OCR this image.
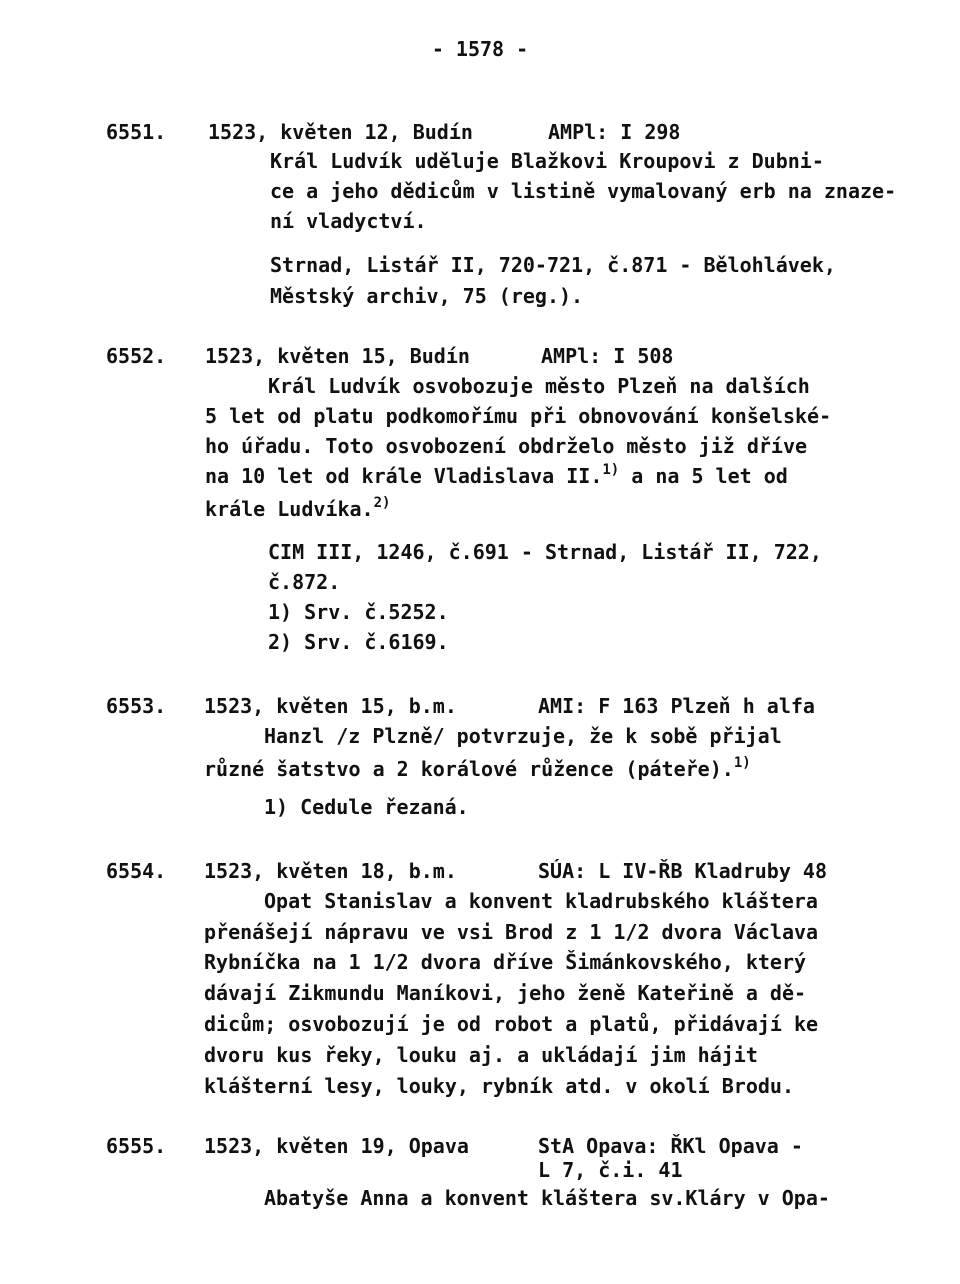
- 1578 -
6551. 1523, květen 12, Budín	AMPl: I 298
Král Ludvík uděluje Blažkovi Kroupovi z Dubni-
ce a jeho dědicům v listině vymalovaný erb na znaze-
ní vladyctví.
Strnad, Listář II, 720-721, č.871 - Bělohlávek,
Městský archiv, 75 (reg.).
6552. 1523, květen 15, Budín	AMPl: I 508
Král Ludvík osvobozuje město Plzeň na dalších
5 let od platu podkomořímu při obnovování konšelské-
ho úřadu. Toto osvobození obdrželo město již dříve
na 10 let od krále Vladislava II.$^{1)}$ a na 5 let od
krále Ludvíka.$^{2)}$
CIM III, 1246, č.691 - Strnad, Listář II, 722,
č.872.
1) Srv. č.5252.
2) Srv. č.6169.
6553. 1523, květen 15, b.m.	AMI: F 163 Plzeň h alfa
Hanzl /z Plzně/ potvrzuje, že k sobě přijal
různé šatstvo a 2 korálové růžence (páteře).$^{1)}$
1) Cedule řezaná.
6554. 1523, květen 18, b.m.	SÚA: L IV-ŘB Kladruby 48
Opat Stanislav a konvent kladrubského kláštera
přenášejí nápravu ve vsi Brod z 1 1/2 dvora Václava
Rybníčka na 1 1/2 dvora dříve Šimánkovského, který
dávají Zikmundu Maníkovi, jeho ženě Kateřině a dě-
dicům; osvobozují je od robot a platů, přidávají ke
dvoru kus řeky, louku aj. a ukládají jim hájit
klášterní lesy, louky, rybník atd. v okolí Brodu.
6555. 1523, květen 19, Opava	StA Opava: ŘKl Opava -
L 7, č.i. 41
Abatyše Anna a konvent kláštera sv.Kláry v Opa-
